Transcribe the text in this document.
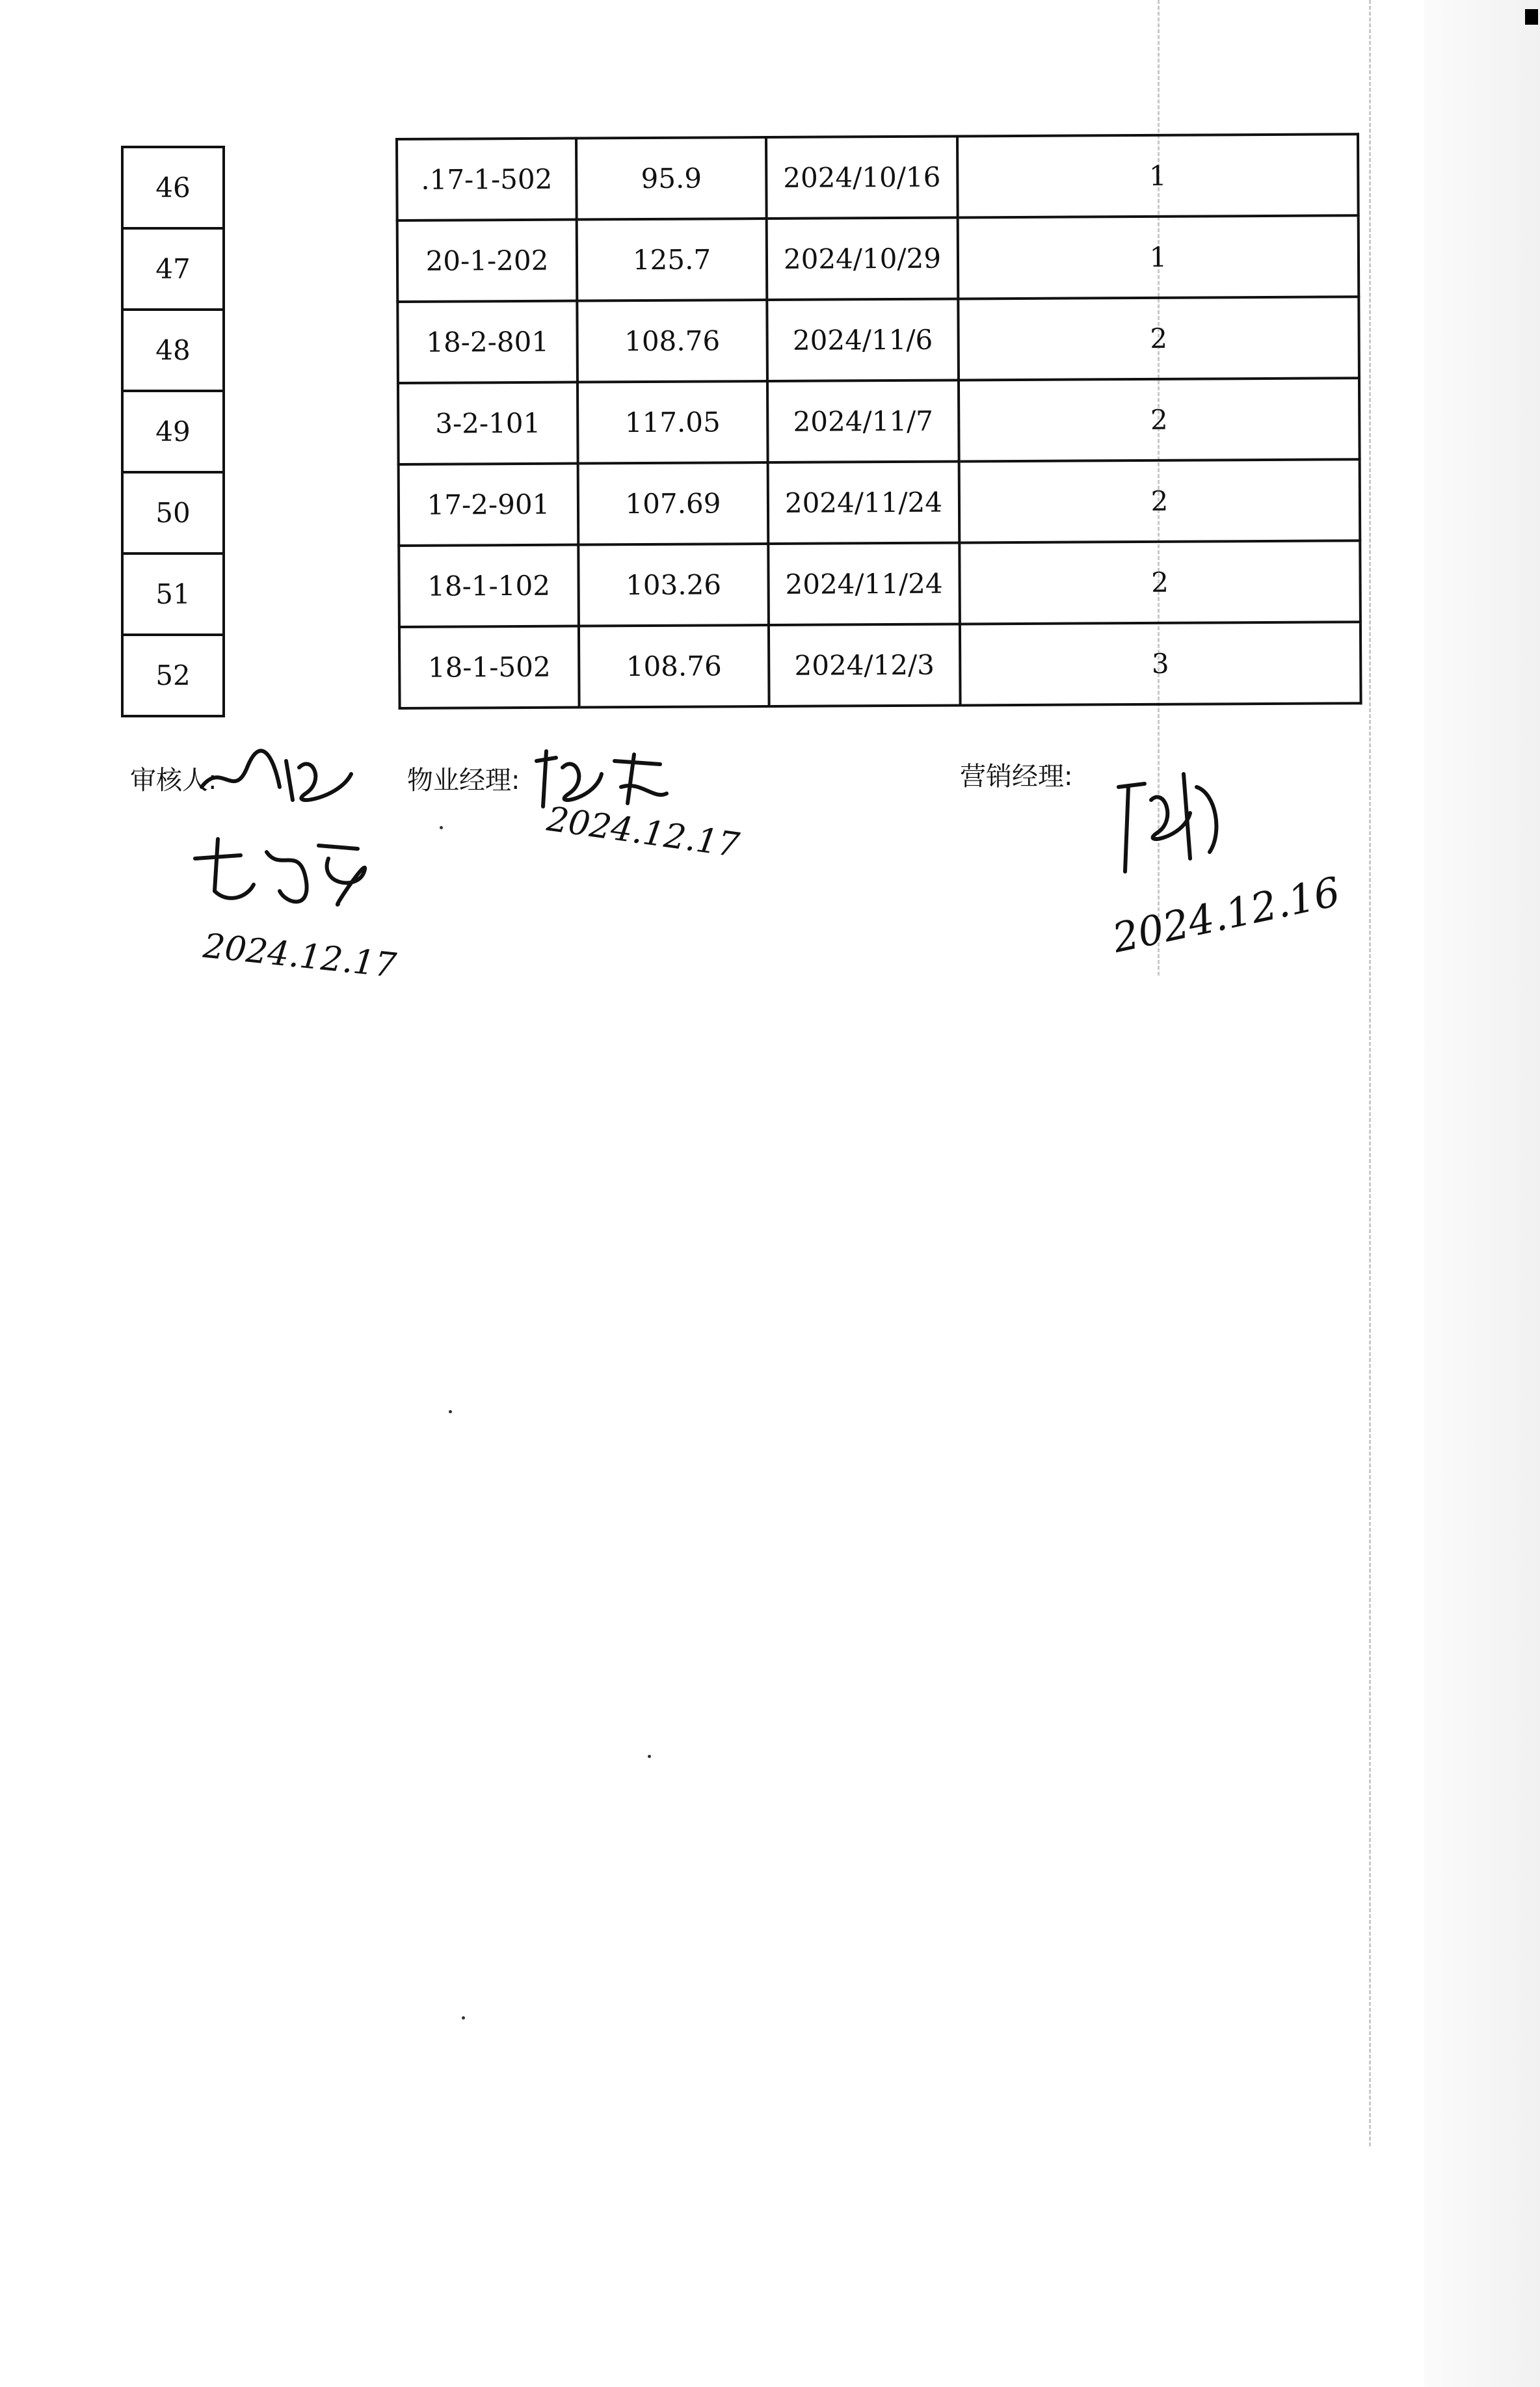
46
47
48
49
50
51
52
.17-1-502	95.9	2024/10/16	1
20-1-202	125.7	2024/10/29	1
18-2-801	108.76	2024/11/6	2
3-2-101	117.05	2024/11/7	2
17-2-901	107.69	2024/11/24	2
18-1-102	103.26	2024/11/24	2
18-1-502	108.76	2024/12/3	3
审核人:
2024.12.17
物业经理:
2024.12.17
营销经理:
2024.12.16
